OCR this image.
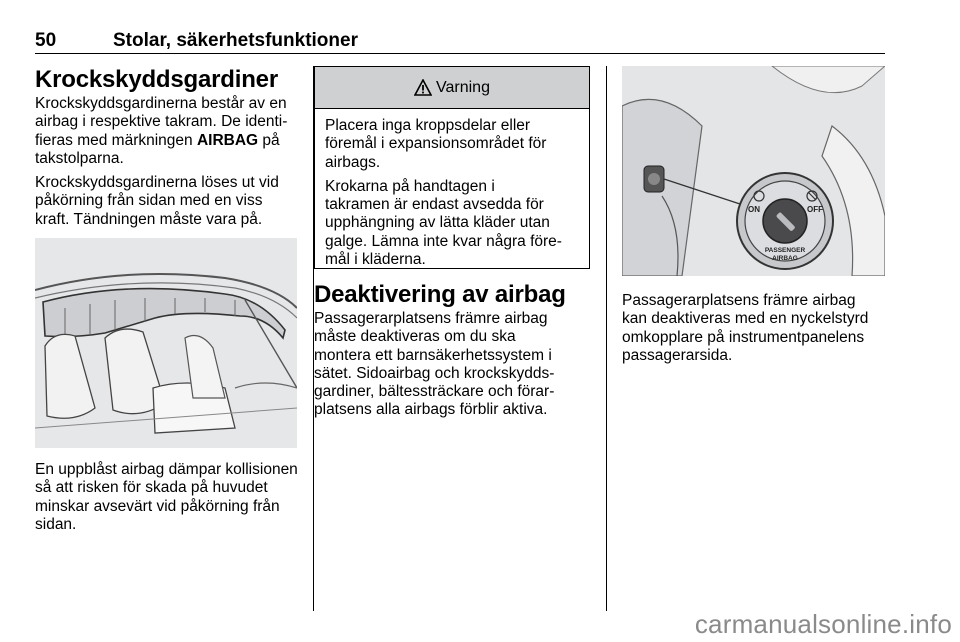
50	Stolar, säkerhetsfunktioner
Krockskyddsgardiner

Krockskyddsgardinerna består av en
airbag i respektive takram. De identi‐
fieras med märkningen AIRBAG på
takstolparna.

Krockskyddsgardinerna löses ut vid
påkörning från sidan med en viss
kraft. Tändningen måste vara på.

En uppblåst airbag dämpar kollisionen
så att risken för skada på huvudet
minskar avsevärt vid påkörning från
sidan.

Varning

Placera inga kroppsdelar eller
föremål i expansionsområdet för
airbags.

Krokarna på handtagen i
takramen är endast avsedda för
upphängning av lätta kläder utan
galge. Lämna inte kvar några före‐
mål i kläderna.

Deaktivering av airbag

Passagerarplatsens främre airbag
måste deaktiveras om du ska
montera ett barnsäkerhetssystem i
sätet. Sidoairbag och krockskydds‐
gardiner, bältessträckare och förar‐
platsens alla airbags förblir aktiva.

ON	OFF
PASSENGER
AIRBAG

Passagerarplatsens främre airbag
kan deaktiveras med en nyckelstyrd
omkopplare på instrumentpanelens
passagerarsida.

carmanualsonline.info
